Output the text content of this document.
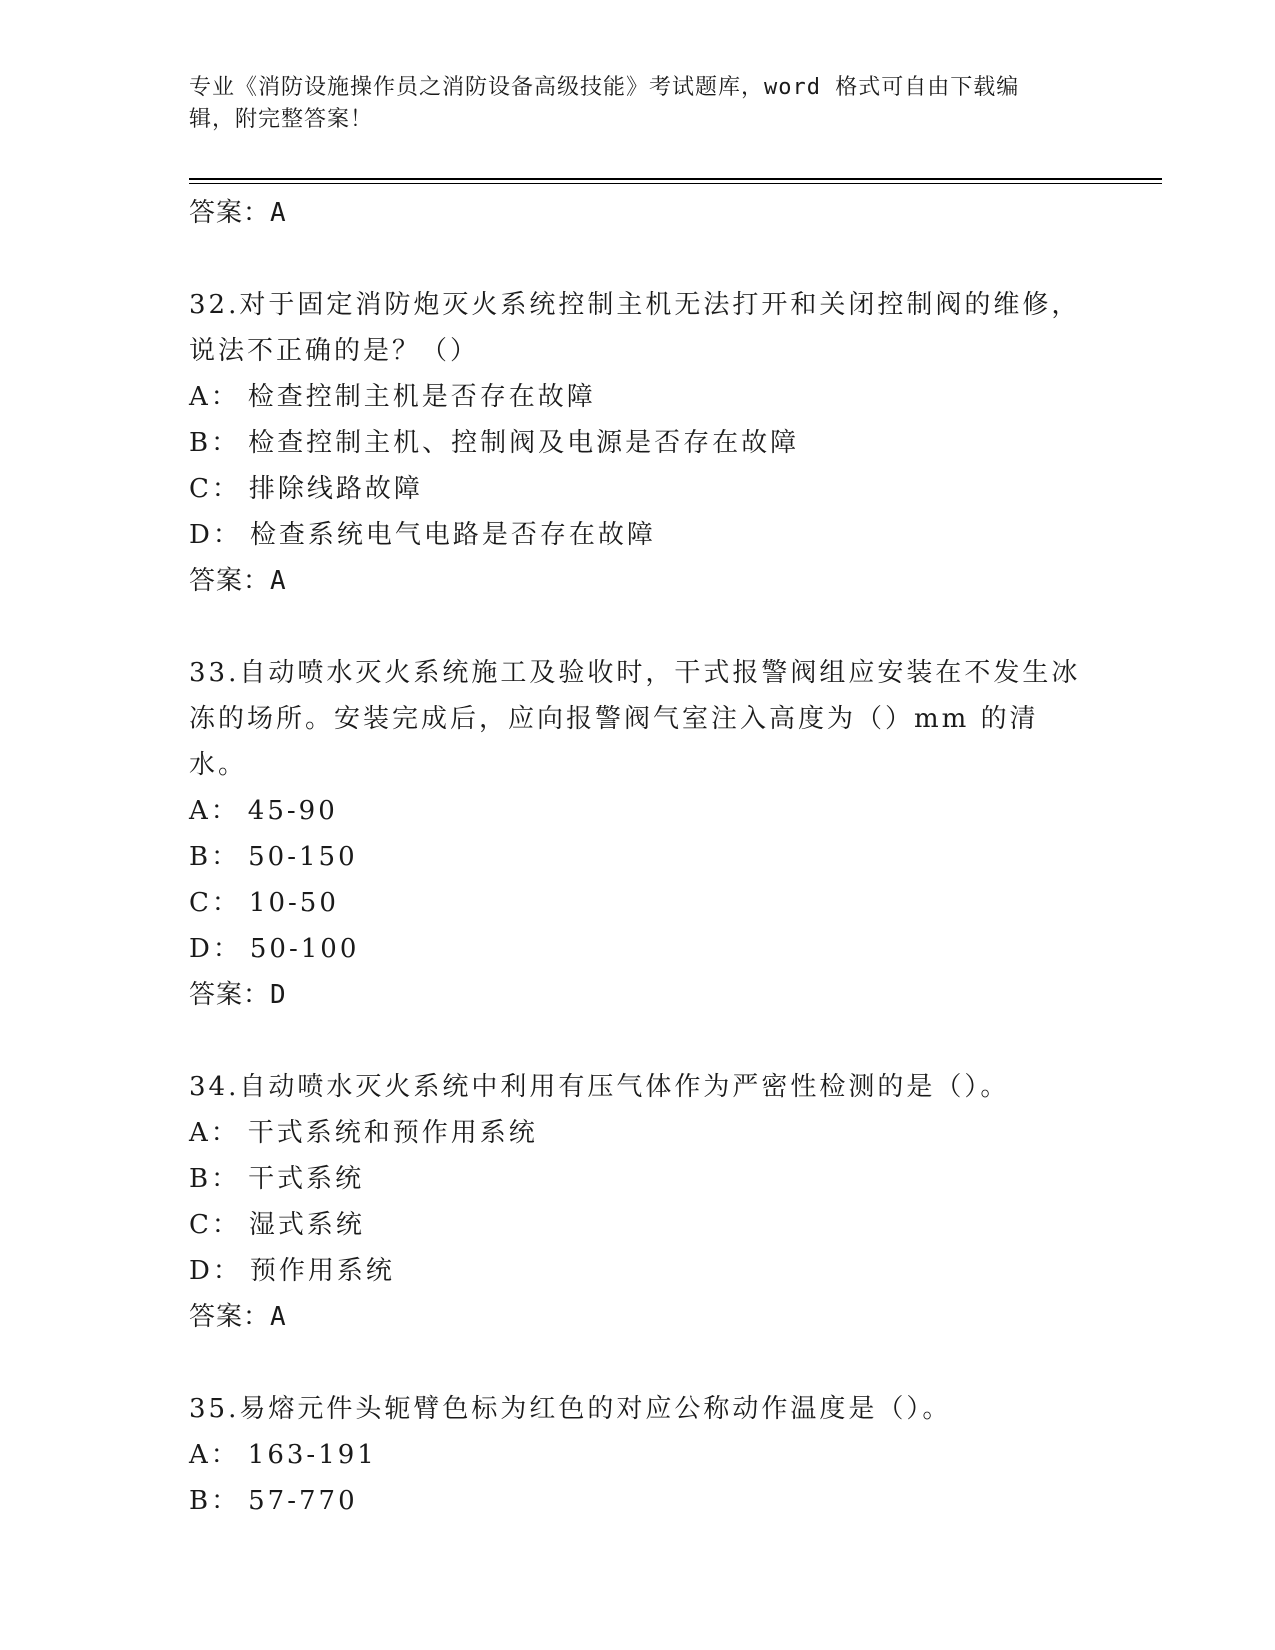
专业《消防设施操作员之消防设备高级技能》考试题库，word 格式可自由下载编
辑，附完整答案！

答案：A

32.对于固定消防炮灭火系统控制主机无法打开和关闭控制阀的维修，

说法不正确的是？（）

A： 检查控制主机是否存在故障

B： 检查控制主机、控制阀及电源是否存在故障

C： 排除线路故障

D： 检查系统电气电路是否存在故障

答案：A

33.自动喷水灭火系统施工及验收时，干式报警阀组应安装在不发生冰

冻的场所。安装完成后，应向报警阀气室注入高度为（）mm 的清水。

A： 45-90

B： 50-150

C： 10-50

D： 50-100

答案：D

34.自动喷水灭火系统中利用有压气体作为严密性检测的是（）。

A： 干式系统和预作用系统

B： 干式系统

C： 湿式系统

D： 预作用系统

答案：A

35.易熔元件头轭臂色标为红色的对应公称动作温度是（）。

A： 163-191

B： 57-770
